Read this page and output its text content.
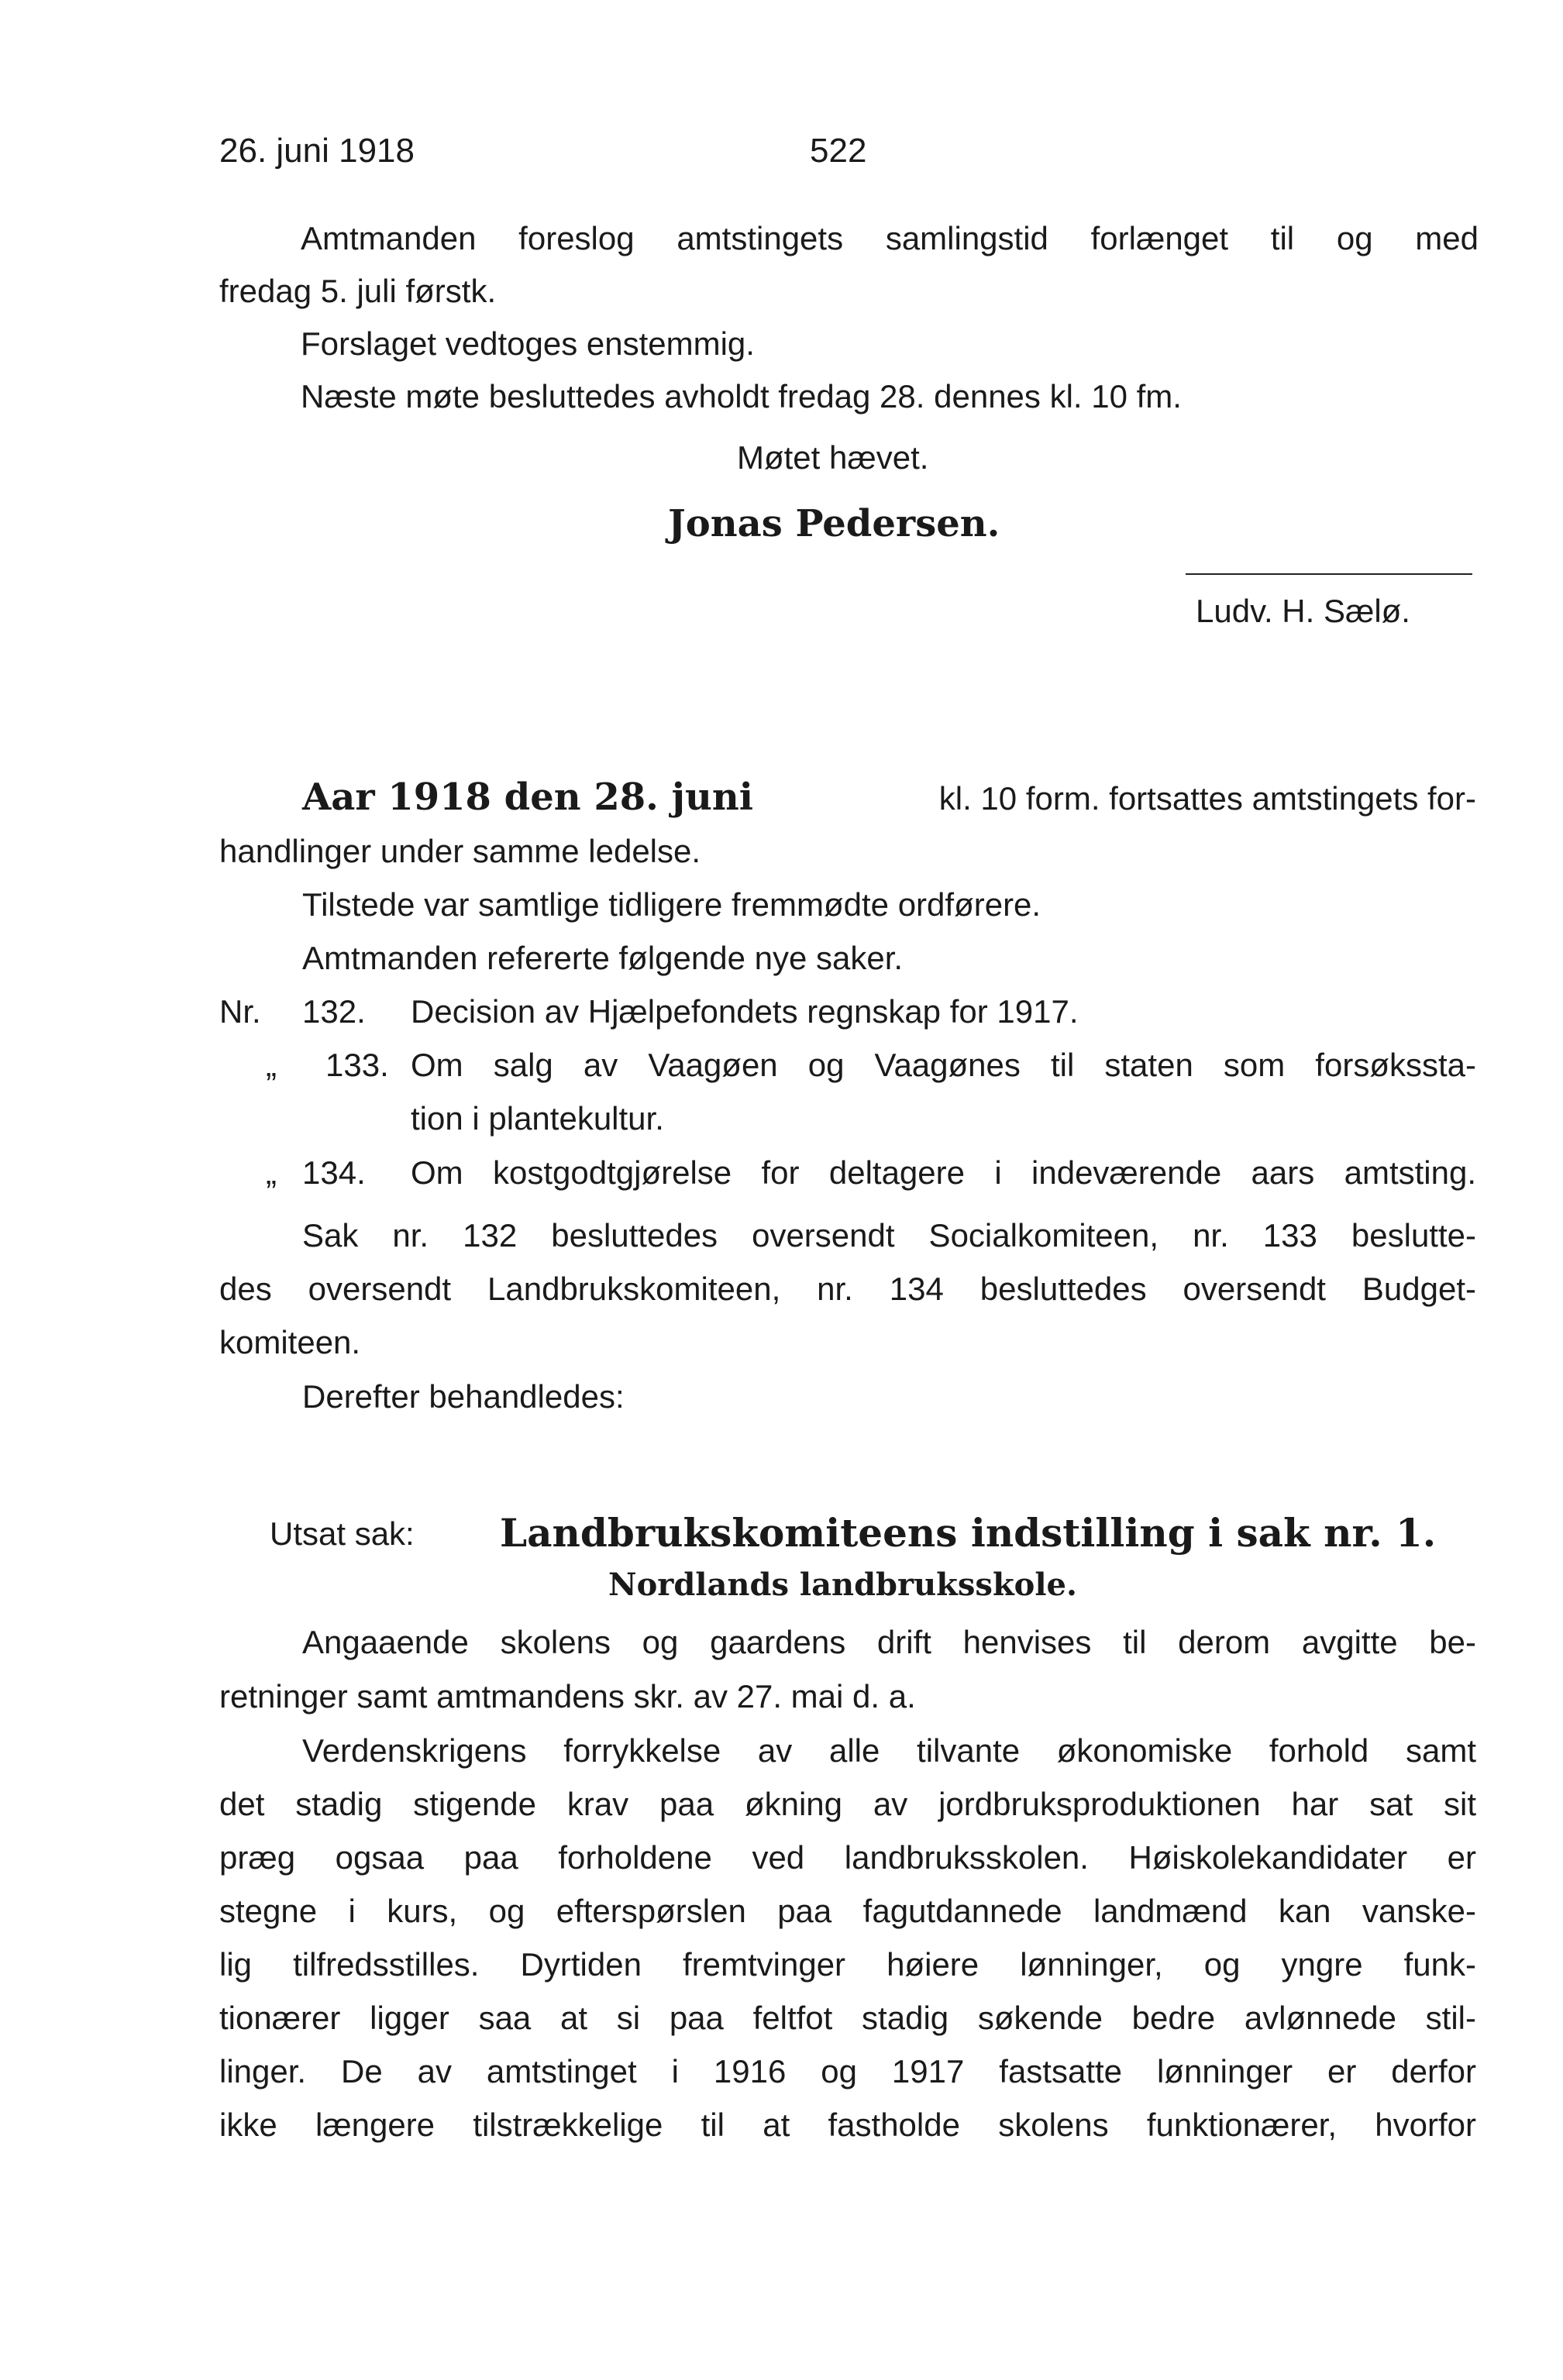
26. juni 1918	522
Amtmanden foreslog amtstingets samlingstid forlænget til og med
fredag 5. juli førstk.
Forslaget vedtoges enstemmig.
Næste møte besluttedes avholdt fredag 28. dennes kl. 10 fm.
Møtet hævet.
Jonas Pedersen.
Ludv. H. Sælø.
Aar 1918 den 28. juni	kl. 10 form. fortsattes amtstingets for-
handlinger under samme ledelse.
Tilstede var samtlige tidligere fremmødte ordførere.
Amtmanden refererte følgende nye saker.
Nr. 132. Decision av Hjælpefondets regnskap for 1917.
„ 133. Om salg av Vaagøen og Vaagønes til staten som forsøksstа-
tion i plantekultur.
„ 134. Om kostgodtgjørelse for deltagere i indeværende aars amtsting.
Sak nr. 132 besluttedes oversendt Socialkomiteen, nr. 133 beslutte-
des oversendt Landbrukskomiteen, nr. 134 besluttedes oversendt Budget-
komiteen.
Derefter behandledes:
Utsat sak: Landbrukskomiteens indstilling i sak nr. 1.
Nordlands landbruksskole.
Angaaende skolens og gaardens drift henvises til derom avgitte be-
retninger samt amtmandens skr. av 27. mai d. a.
Verdenskrigens forrykkelse av alle tilvante økonomiske forhold samt
det stadig stigende krav paa økning av jordbruksproduktionen har sat sit
præg ogsaa paa forholdene ved landbruksskolen. Høiskolekandidater er
stegne i kurs, og efterspørslen paa fagutdannede landmænd kan vanske-
lig tilfredsstilles. Dyrtiden fremtvinger høiere lønninger, og yngre funk-
tionærer ligger saa at si paa feltfot stadig søkende bedre avlønnede stil-
linger. De av amtstinget i 1916 og 1917 fastsatte lønninger er derfor
ikke længere tilstrækkelige til at fastholde skolens funktionærer, hvorfor
